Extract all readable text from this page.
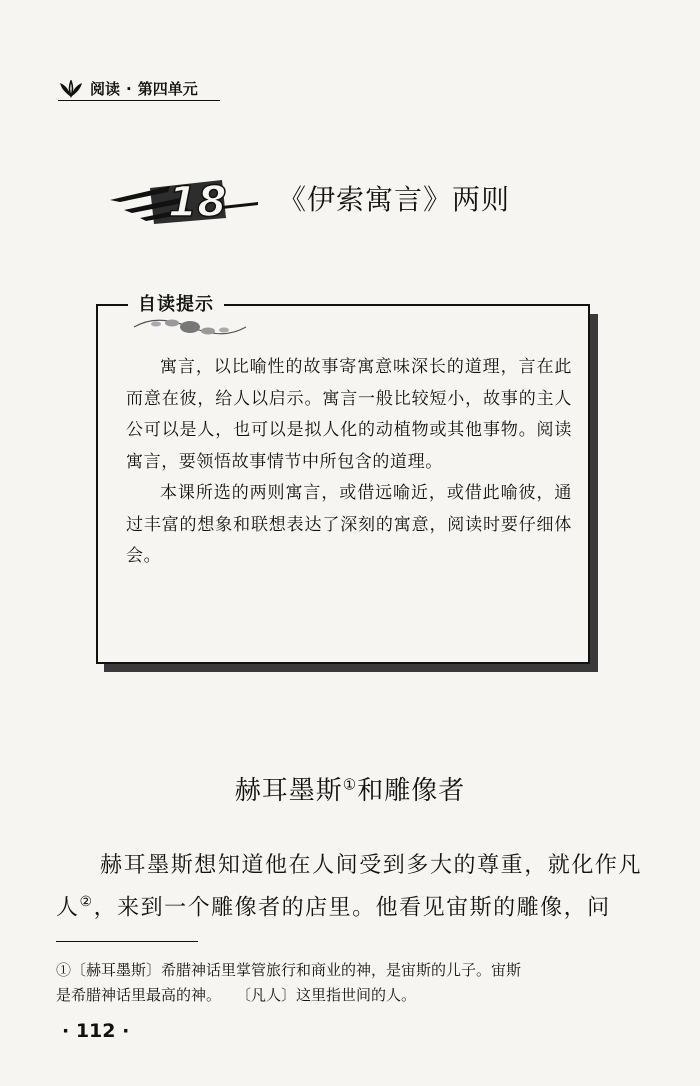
阅读 · 第四单元
18 《伊索寓言》两则
自读提示

寓言，以比喻性的故事寄寓意味深长的道理，言在此而意在彼，给人以启示。寓言一般比较短小，故事的主人公可以是人，也可以是拟人化的动植物或其他事物。阅读寓言，要领悟故事情节中所包含的道理。

本课所选的两则寓言，或借远喻近，或借此喻彼，通过丰富的想象和联想表达了深刻的寓意，阅读时要仔细体会。

赫耳墨斯①和雕像者

赫耳墨斯想知道他在人间受到多大的尊重，就化作凡人②，来到一个雕像者的店里。他看见宙斯的雕像，问

①〔赫耳墨斯〕希腊神话里掌管旅行和商业的神，是宙斯的儿子。宙斯

是希腊神话里最高的神。　　〔凡人〕这里指世间的人。

· 112 ·
